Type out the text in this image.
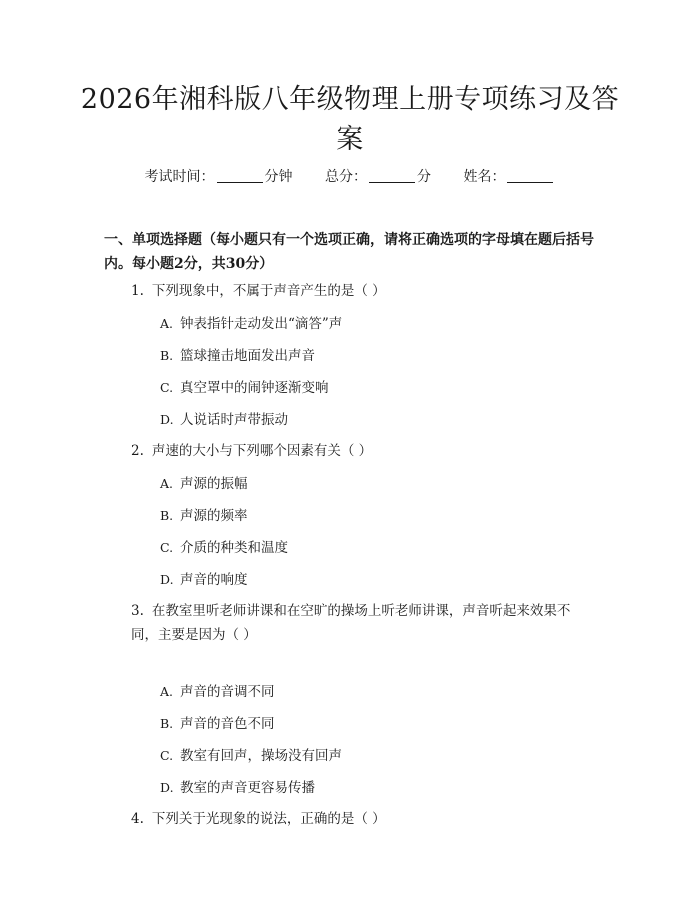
2026年湘科版八年级物理上册专项练习及答案
考试时间：	分钟 总分：	分 姓名：
一、单项选择题（每小题只有一个选项正确，请将正确选项的字母填在题后括号内。每小题2分，共30分）
1. 下列现象中，不属于声音产生的是（ ）
A. 钟表指针走动发出“滴答”声
B. 篮球撞击地面发出声音
C. 真空罩中的闹钟逐渐变响
D. 人说话时声带振动
2. 声速的大小与下列哪个因素有关（ ）
A. 声源的振幅
B. 声源的频率
C. 介质的种类和温度
D. 声音的响度
3. 在教室里听老师讲课和在空旷的操场上听老师讲课，声音听起来效果不同，主要是因为（ ）
A. 声音的音调不同
B. 声音的音色不同
C. 教室有回声，操场没有回声
D. 教室的声音更容易传播
4. 下列关于光现象的说法，正确的是（ ）
